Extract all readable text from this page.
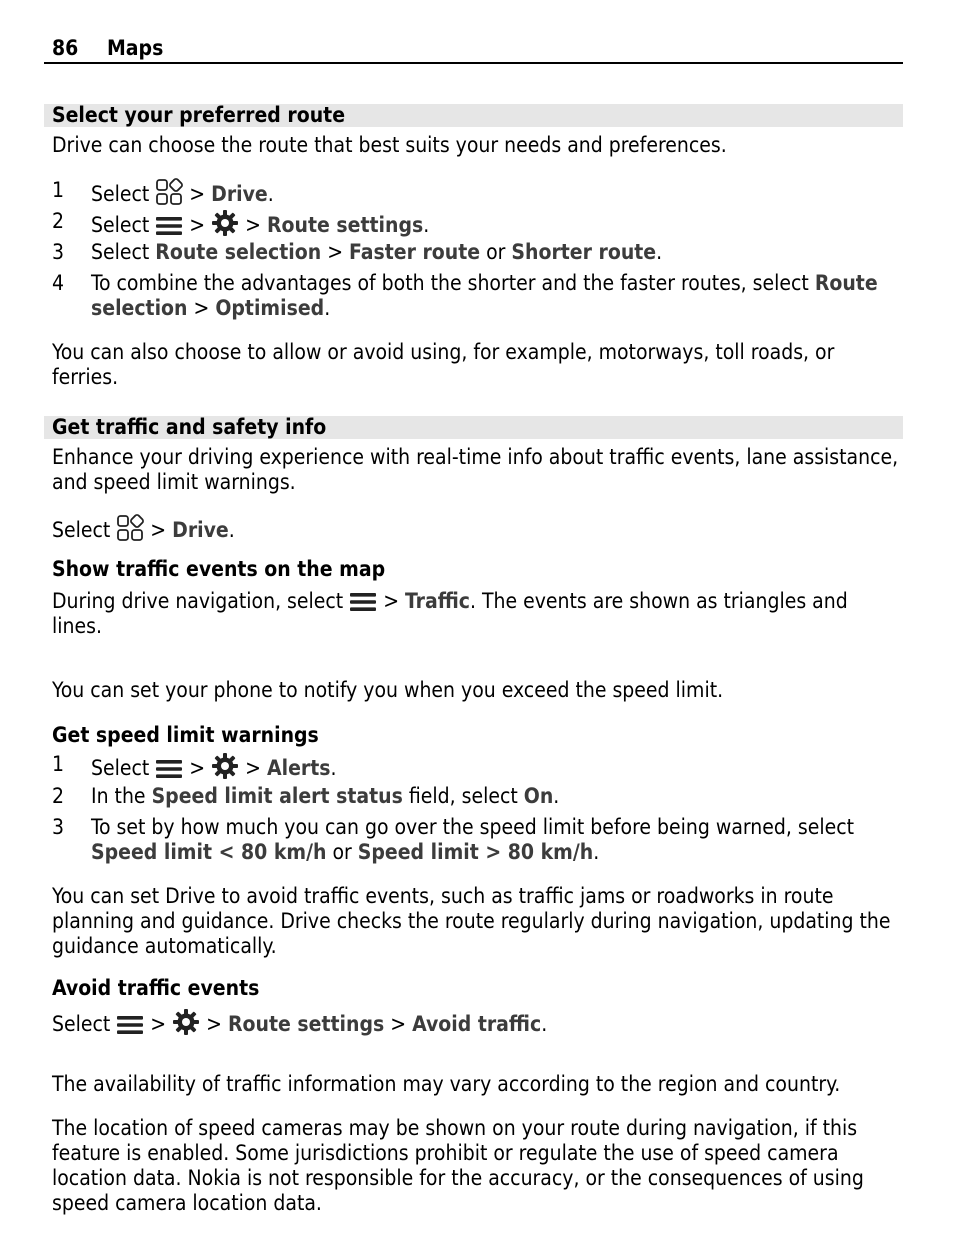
86 Maps
Select your preferred route
Drive can choose the route that best suits your needs and preferences.
1	Select
> Drive.
2	Select
>
> Route settings.
3	Select Route selection > Faster route or Shorter route.
4	To combine the advantages of both the shorter and the faster routes, select Route selection > Optimised.
You can also choose to allow or avoid using, for example, motorways, toll roads, or ferries.
Get traffic and safety info
Enhance your driving experience with real-time info about traffic events, lane assistance, and speed limit warnings.
Select
> Drive.
Show traffic events on the map
During drive navigation, select
> Traffic. The events are shown as triangles and lines.
You can set your phone to notify you when you exceed the speed limit.
Get speed limit warnings
1	Select
>
> Alerts.
2	In the Speed limit alert status field, select On.
3	To set by how much you can go over the speed limit before being warned, select Speed limit < 80 km/h or Speed limit > 80 km/h.
You can set Drive to avoid traffic events, such as traffic jams or roadworks in route planning and guidance. Drive checks the route regularly during navigation, updating the guidance automatically.
Avoid traffic events
Select
>
> Route settings > Avoid traffic.
The availability of traffic information may vary according to the region and country.
The location of speed cameras may be shown on your route during navigation, if this feature is enabled. Some jurisdictions prohibit or regulate the use of speed camera location data. Nokia is not responsible for the accuracy, or the consequences of using speed camera location data.
